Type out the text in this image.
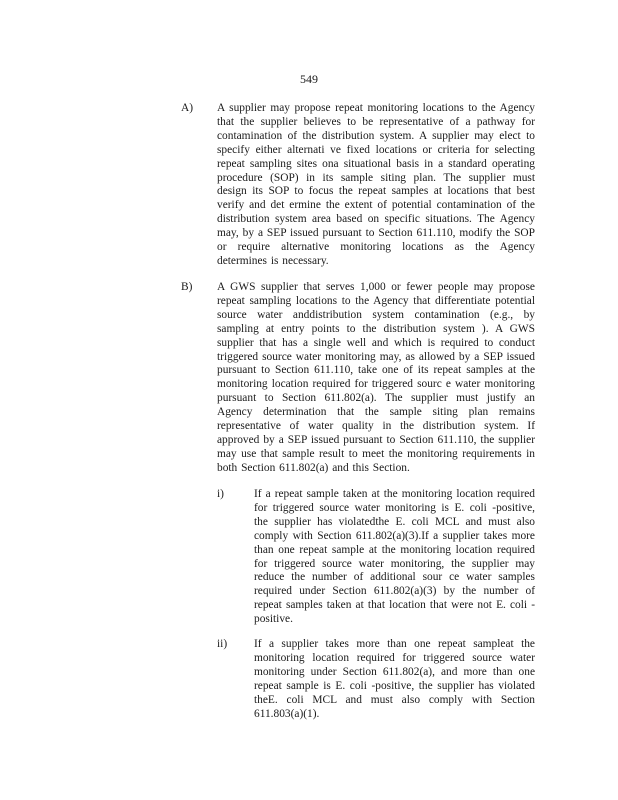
549
A) A supplier may propose repeat monitoring locations to the Agency that the supplier believes to be representative of a pathway for contamination of the distribution system. A supplier may elect to specify either alternati ve fixed locations or criteria for selecting repeat sampling sites ona situational basis in a standard operating procedure (SOP) in its sample siting plan. The supplier must design its SOP to focus the repeat samples at locations that best verify and det ermine the extent of potential contamination of the distribution system area based on specific situations. The Agency may, by a SEP issued pursuant to Section 611.110, modify the SOP or require alternative monitoring locations as the Agency determines is necessary.

B) A GWS supplier that serves 1,000 or fewer people may propose repeat sampling locations to the Agency that differentiate potential source water anddistribution system contamination (e.g., by sampling at entry points to the distribution system ). A GWS supplier that has a single well and which is required to conduct triggered source water monitoring may, as allowed by a SEP issued pursuant to Section 611.110, take one of its repeat samples at the monitoring location required for triggered sourc e water monitoring pursuant to Section 611.802(a). The supplier must justify an Agency determination that the sample siting plan remains representative of water quality in the distribution system. If approved by a SEP issued pursuant to Section 611.110, the supplier may use that sample result to meet the monitoring requirements in both Section 611.802(a) and this Section.

i)	If a repeat sample taken at the monitoring location required for triggered source water monitoring is E. coli -positive, the supplier has violatedthe E. coli MCL and must also comply with Section 611.802(a)(3).If a supplier takes more than one repeat sample at the monitoring location required for triggered source water monitoring, the supplier may reduce the number of additional sour ce water samples required under Section 611.802(a)(3) by the number of repeat samples taken at that location that were not E. coli -positive.

ii) If a supplier takes more than one repeat sampleat the monitoring location required for triggered source water monitoring under Section 611.802(a), and more than one repeat sample is E. coli -positive, the supplier has violated theE. coli MCL and must also comply with Section 611.803(a)(1).
